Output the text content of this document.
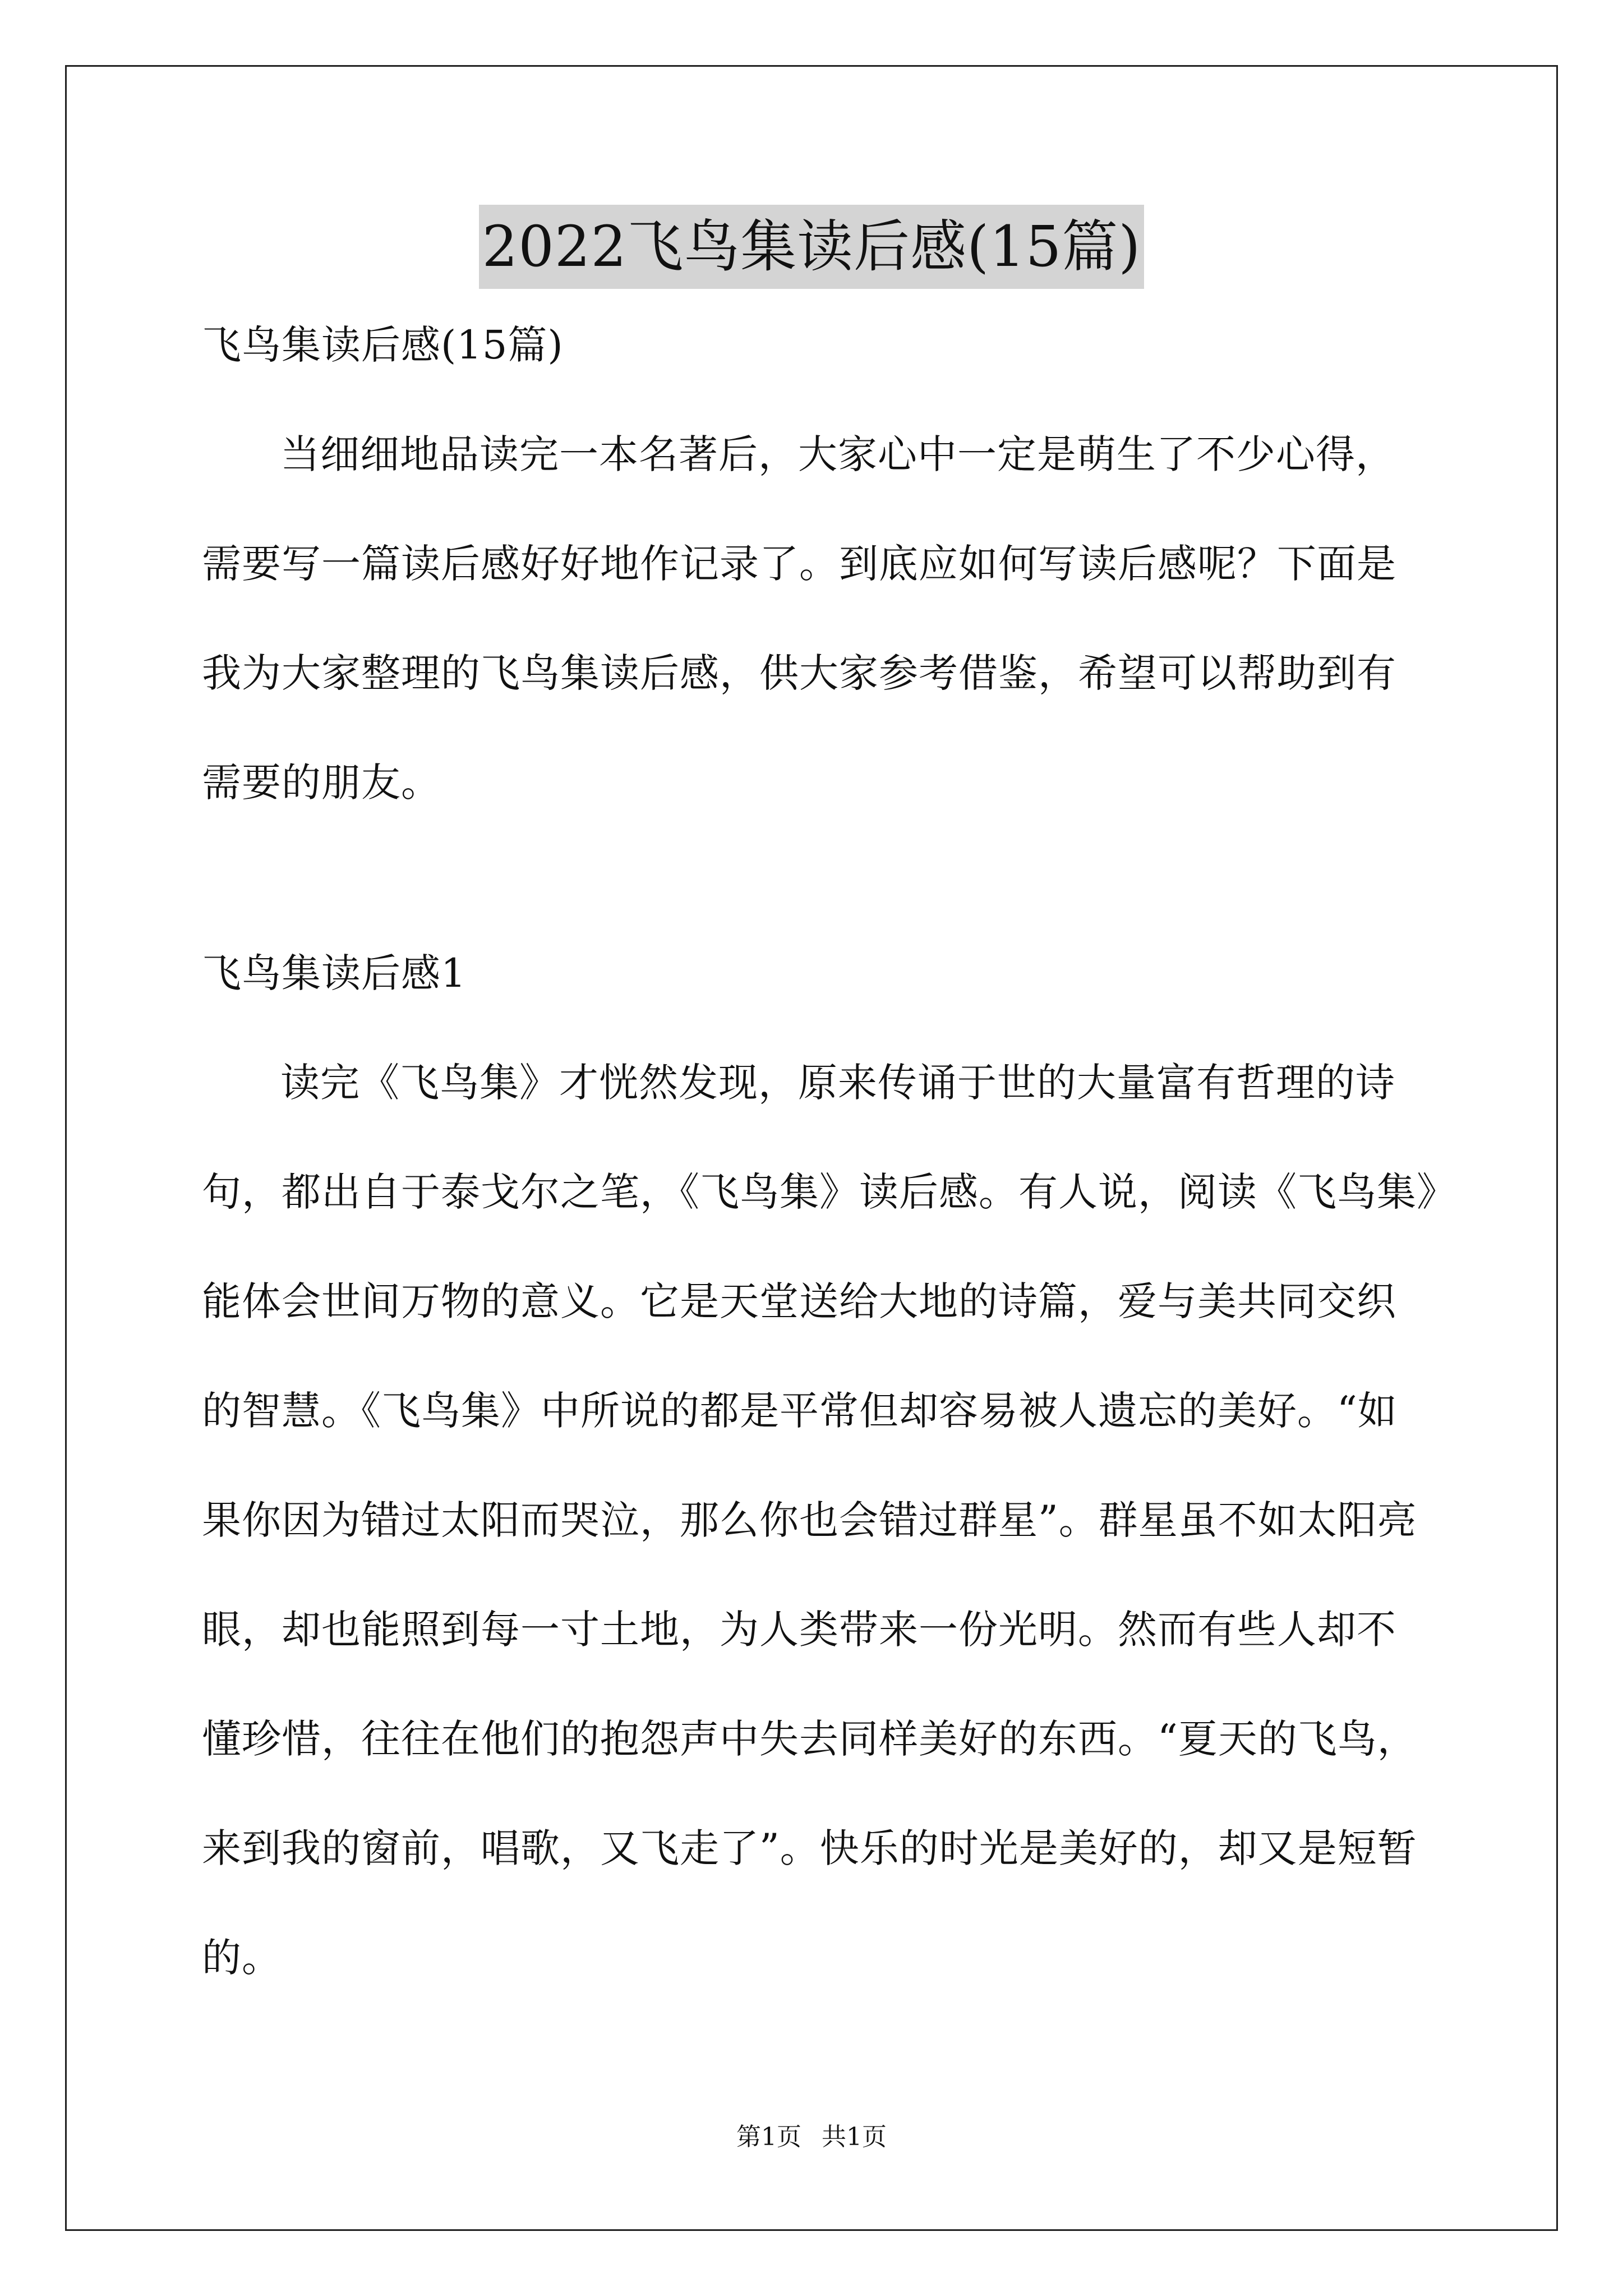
2022飞鸟集读后感(15篇)
飞鸟集读后感(15篇)
当细细地品读完一本名著后，大家心中一定是萌生了不少心得，
需要写一篇读后感好好地作记录了。到底应如何写读后感呢？下面是
我为大家整理的飞鸟集读后感，供大家参考借鉴，希望可以帮助到有
需要的朋友。
飞鸟集读后感1
读完《飞鸟集》才恍然发现，原来传诵于世的大量富有哲理的诗
句，都出自于泰戈尔之笔，《飞鸟集》读后感。有人说，阅读《飞鸟集》
能体会世间万物的意义。它是天堂送给大地的诗篇，爱与美共同交织
的智慧。《飞鸟集》中所说的都是平常但却容易被人遗忘的美好。“如
果你因为错过太阳而哭泣，那么你也会错过群星”。群星虽不如太阳亮
眼，却也能照到每一寸土地，为人类带来一份光明。然而有些人却不
懂珍惜，往往在他们的抱怨声中失去同样美好的东西。“夏天的飞鸟，
来到我的窗前，唱歌，又飞走了”。快乐的时光是美好的，却又是短暂
的。
第1页 共1页
